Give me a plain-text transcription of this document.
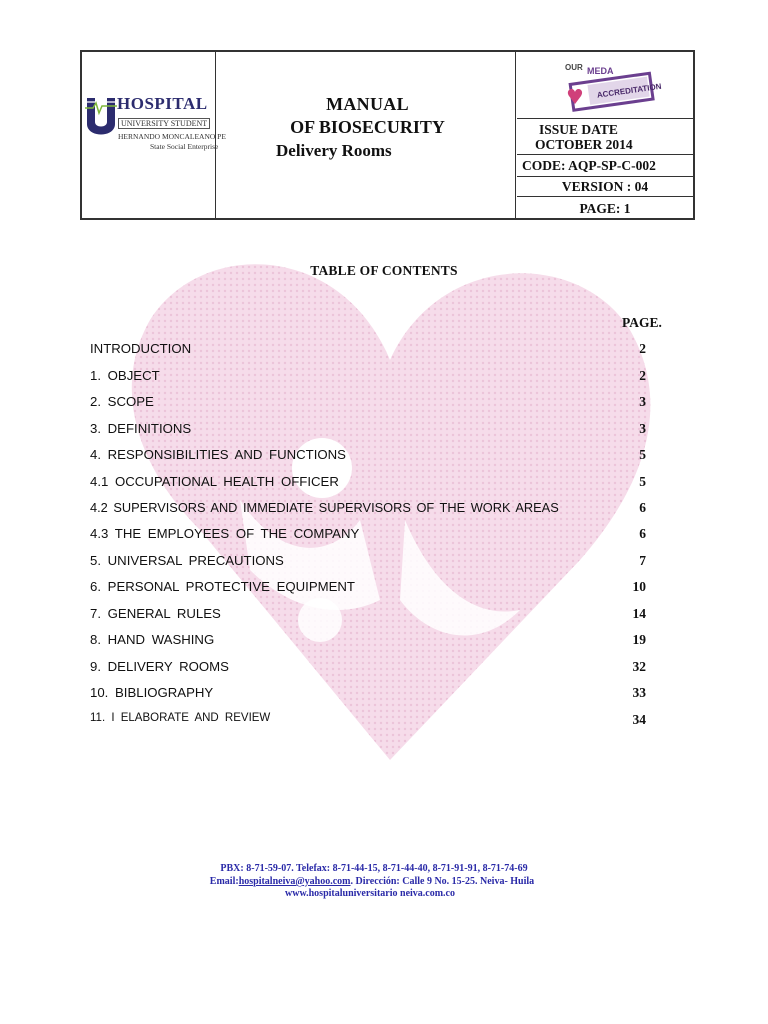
HOSPITAL
UNIVERSITY STUDENT
HERNANDO MONCALEANO PE
State Social Enterprise
MANUAL
OF BIOSECURITY
Delivery Rooms
OUR MEDA
ACCREDITATION
ISSUE DATE
OCTOBER 2014
CODE: AQP-SP-C-002
VERSION : 04
PAGE: 1
TABLE OF CONTENTS
PAGE.
INTRODUCTION	2
1. OBJECT	2
2. SCOPE	3
3. DEFINITIONS	3
4. RESPONSIBILITIES AND FUNCTIONS	5
4.1 OCCUPATIONAL HEALTH OFFICER	5
4.2 SUPERVISORS AND IMMEDIATE SUPERVISORS OF THE WORK AREAS	6
4.3 THE EMPLOYEES OF THE COMPANY	6
5. UNIVERSAL PRECAUTIONS	7
6. PERSONAL PROTECTIVE EQUIPMENT	10
7. GENERAL RULES	14
8. HAND WASHING	19
9. DELIVERY ROOMS	32
10. BIBLIOGRAPHY	33
11. I ELABORATE AND REVIEW	34
PBX: 8-71-59-07. Telefax: 8-71-44-15, 8-71-44-40, 8-71-91-91, 8-71-74-69
Email:hospitalneiva@yahoo.com. Dirección: Calle 9 No. 15-25. Neiva- Huila
www.hospitaluniversitario neiva.com.co
